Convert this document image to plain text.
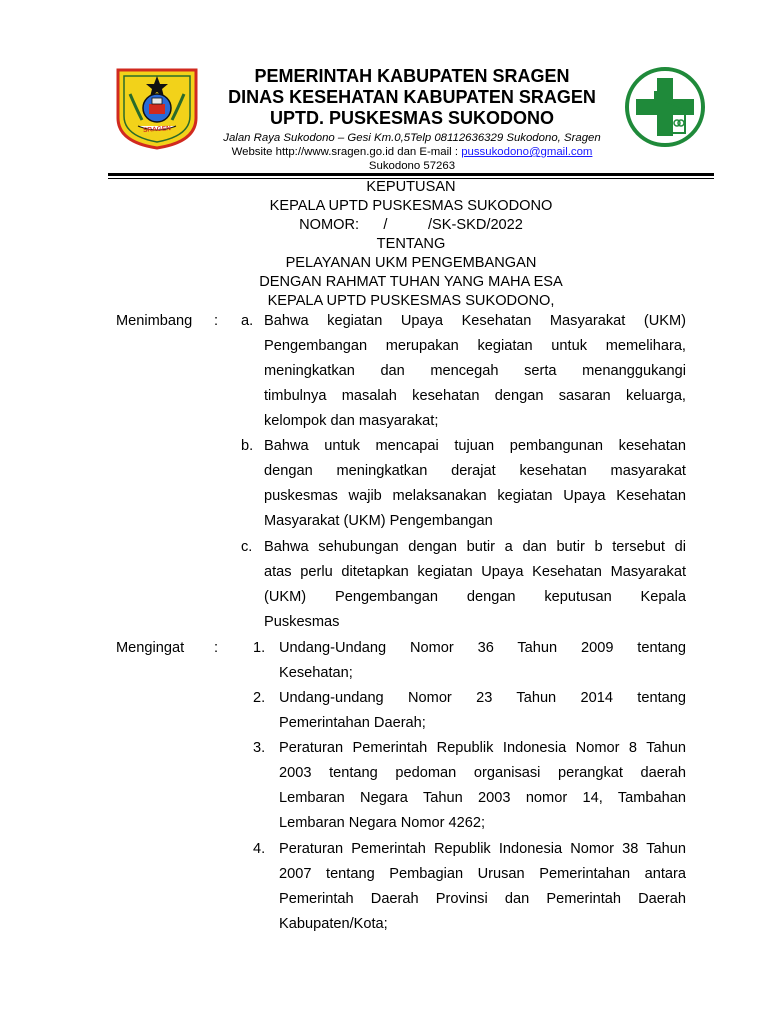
SRAGEN
PEMERINTAH KABUPATEN SRAGEN
DINAS KESEHATAN KABUPATEN SRAGEN
UPTD. PUSKESMAS SUKODONO
Jalan Raya Sukodono – Gesi Km.0,5Telp 08112636329 Sukodono, Sragen
Website http://www.sragen.go.id dan E-mail : pussukodono@gmail.com
Sukodono 57263
KEPUTUSAN
KEPALA UPTD PUSKESMAS SUKODONO
NOMOR:      /          /SK-SKD/2022
TENTANG
PELAYANAN UKM PENGEMBANGAN
DENGAN RAHMAT TUHAN YANG MAHA ESA
KEPALA UPTD PUSKESMAS SUKODONO,
Menimbang : a. Bahwa kegiatan Upaya Kesehatan Masyarakat (UKM)
Pengembangan merupakan kegiatan untuk memelihara,
meningkatkan dan mencegah serta menanggukangi
timbulnya masalah kesehatan dengan sasaran keluarga,
kelompok dan masyarakat;
b. Bahwa untuk mencapai tujuan pembangunan kesehatan
dengan meningkatkan derajat kesehatan masyarakat
puskesmas wajib melaksanakan kegiatan Upaya Kesehatan
Masyarakat (UKM) Pengembangan
c. Bahwa sehubungan dengan butir a dan butir b tersebut di
atas perlu ditetapkan kegiatan Upaya Kesehatan Masyarakat
(UKM) Pengembangan dengan keputusan Kepala
Puskesmas
Mengingat : 1. Undang-Undang Nomor 36 Tahun 2009 tentang
Kesehatan;
2. Undang-undang Nomor 23 Tahun 2014 tentang
Pemerintahan Daerah;
3. Peraturan Pemerintah Republik Indonesia Nomor 8 Tahun
2003 tentang pedoman organisasi perangkat daerah
Lembaran Negara Tahun 2003 nomor 14, Tambahan
Lembaran Negara Nomor 4262;
4. Peraturan Pemerintah Republik Indonesia Nomor 38 Tahun
2007 tentang Pembagian Urusan Pemerintahan antara
Pemerintah Daerah Provinsi dan Pemerintah Daerah
Kabupaten/Kota;
